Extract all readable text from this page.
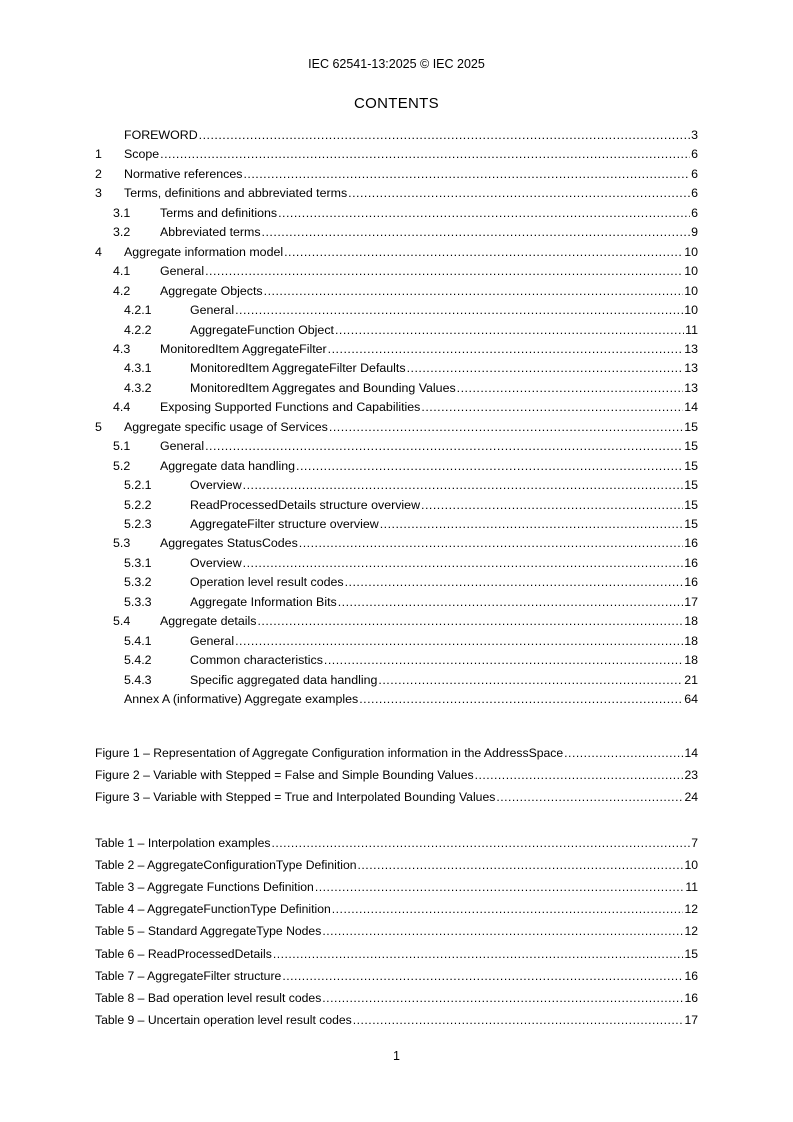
IEC 62541-13:2025 © IEC 2025
CONTENTS
FOREWORD .....	3
1	Scope .....	6
2	Normative references .....	6
3	Terms, definitions and abbreviated terms .....	6
3.1	Terms and definitions .....	6
3.2	Abbreviated terms .....	9
4	Aggregate information model .....	10
4.1	General .....	10
4.2	Aggregate Objects .....	10
4.2.1	General .....	10
4.2.2	AggregateFunction Object .....	11
4.3	MonitoredItem AggregateFilter .....	13
4.3.1	MonitoredItem AggregateFilter Defaults .....	13
4.3.2	MonitoredItem Aggregates and Bounding Values .....	13
4.4	Exposing Supported Functions and Capabilities .....	14
5	Aggregate specific usage of Services .....	15
5.1	General .....	15
5.2	Aggregate data handling .....	15
5.2.1	Overview .....	15
5.2.2	ReadProcessedDetails structure overview .....	15
5.2.3	AggregateFilter structure overview .....	15
5.3	Aggregates StatusCodes .....	16
5.3.1	Overview .....	16
5.3.2	Operation level result codes .....	16
5.3.3	Aggregate Information Bits .....	17
5.4	Aggregate details .....	18
5.4.1	General .....	18
5.4.2	Common characteristics .....	18
5.4.3	Specific aggregated data handling .....	21
Annex A (informative) Aggregate examples .....	64
Figure 1 – Representation of Aggregate Configuration information in the AddressSpace .....	14
Figure 2 – Variable with Stepped = False and Simple Bounding Values .....	23
Figure 3 – Variable with Stepped = True and Interpolated Bounding Values .....	24
Table 1 – Interpolation examples .....	7
Table 2 – AggregateConfigurationType Definition .....	10
Table 3 – Aggregate Functions Definition .....	11
Table 4 – AggregateFunctionType Definition .....	12
Table 5 – Standard AggregateType Nodes .....	12
Table 6 – ReadProcessedDetails .....	15
Table 7 – AggregateFilter structure .....	16
Table 8 – Bad operation level result codes .....	16
Table 9 – Uncertain operation level result codes .....	17
1
